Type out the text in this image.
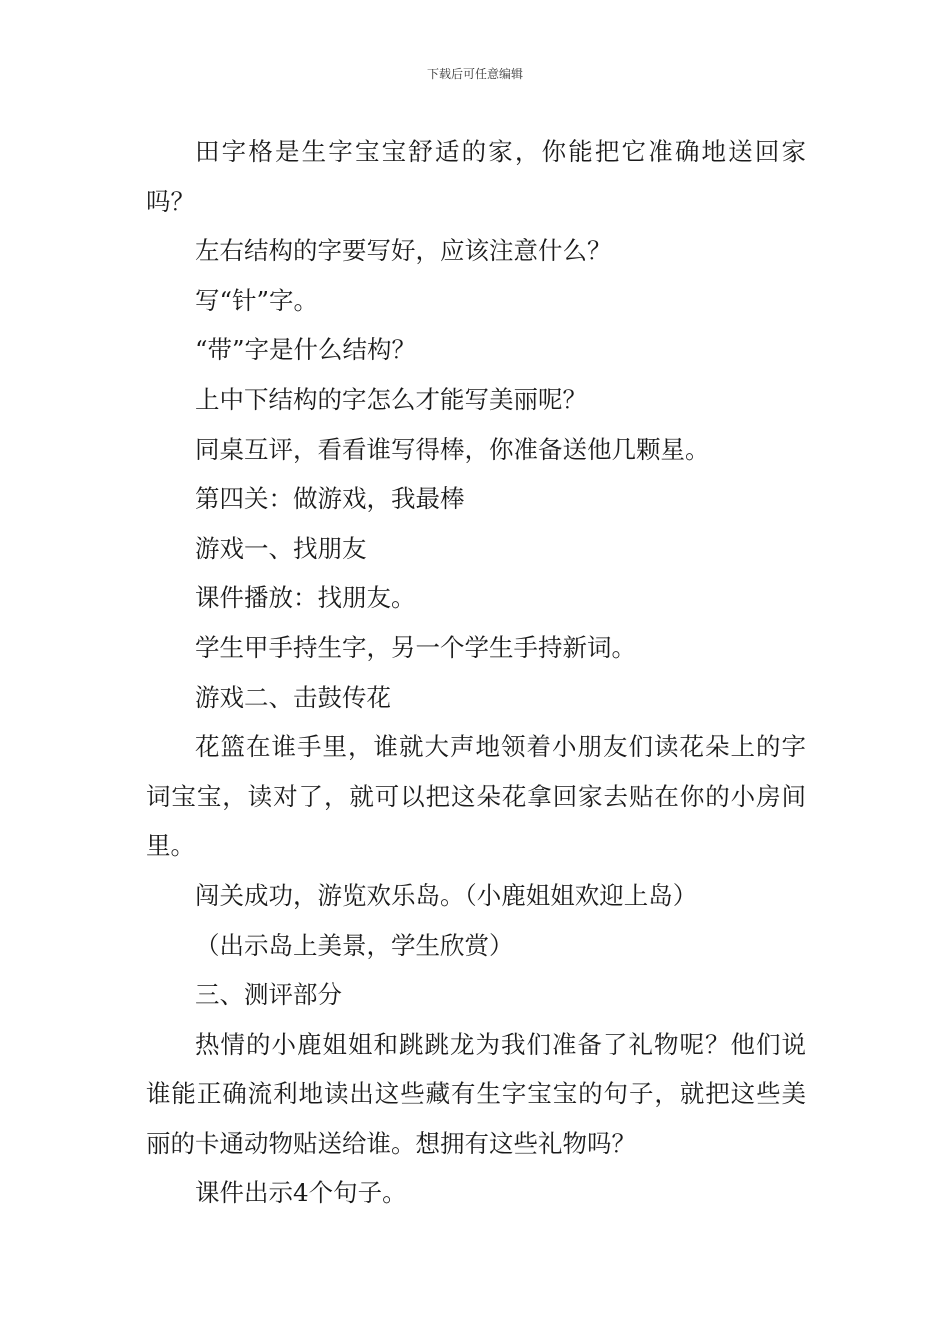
下载后可任意编辑

田字格是生字宝宝舒适的家，你能把它准确地送回家吗？

左右结构的字要写好，应该注意什么？

写“针”字。

“带”字是什么结构？

上中下结构的字怎么才能写美丽呢？

同桌互评，看看谁写得棒，你准备送他几颗星。

第四关：做游戏，我最棒

游戏一、找朋友

课件播放：找朋友。

学生甲手持生字，另一个学生手持新词。

游戏二、击鼓传花

花篮在谁手里，谁就大声地领着小朋友们读花朵上的字词宝宝，读对了，就可以把这朵花拿回家去贴在你的小房间里。

闯关成功，游览欢乐岛。（小鹿姐姐欢迎上岛）

（出示岛上美景，学生欣赏）

三、测评部分

热情的小鹿姐姐和跳跳龙为我们准备了礼物呢？他们说谁能正确流利地读出这些藏有生字宝宝的句子，就把这些美丽的卡通动物贴送给谁。想拥有这些礼物吗？

课件出示4个句子。
